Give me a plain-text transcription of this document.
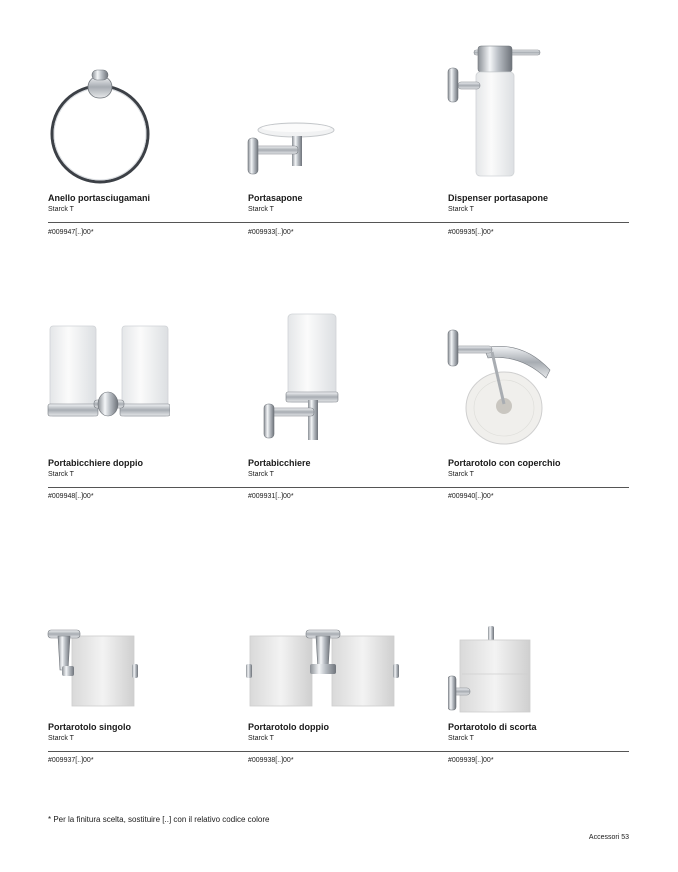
Anello portasciugamani
Starck T
#009947[..]00*
Portasapone
Starck T
#009933[..]00*
Dispenser portasapone
Starck T
#009935[..]00*
Portabicchiere doppio
Starck T
#009948[..]00*
Portabicchiere
Starck T
#009931[..]00*
Portarotolo con coperchio
Starck T
#009940[..]00*
Portarotolo singolo
Starck T
#009937[..]00*
Portarotolo doppio
Starck T
#009938[..]00*
Portarotolo di scorta
Starck T
#009939[..]00*
* Per la finitura scelta, sostituire [..] con il relativo codice colore
Accessori 53
